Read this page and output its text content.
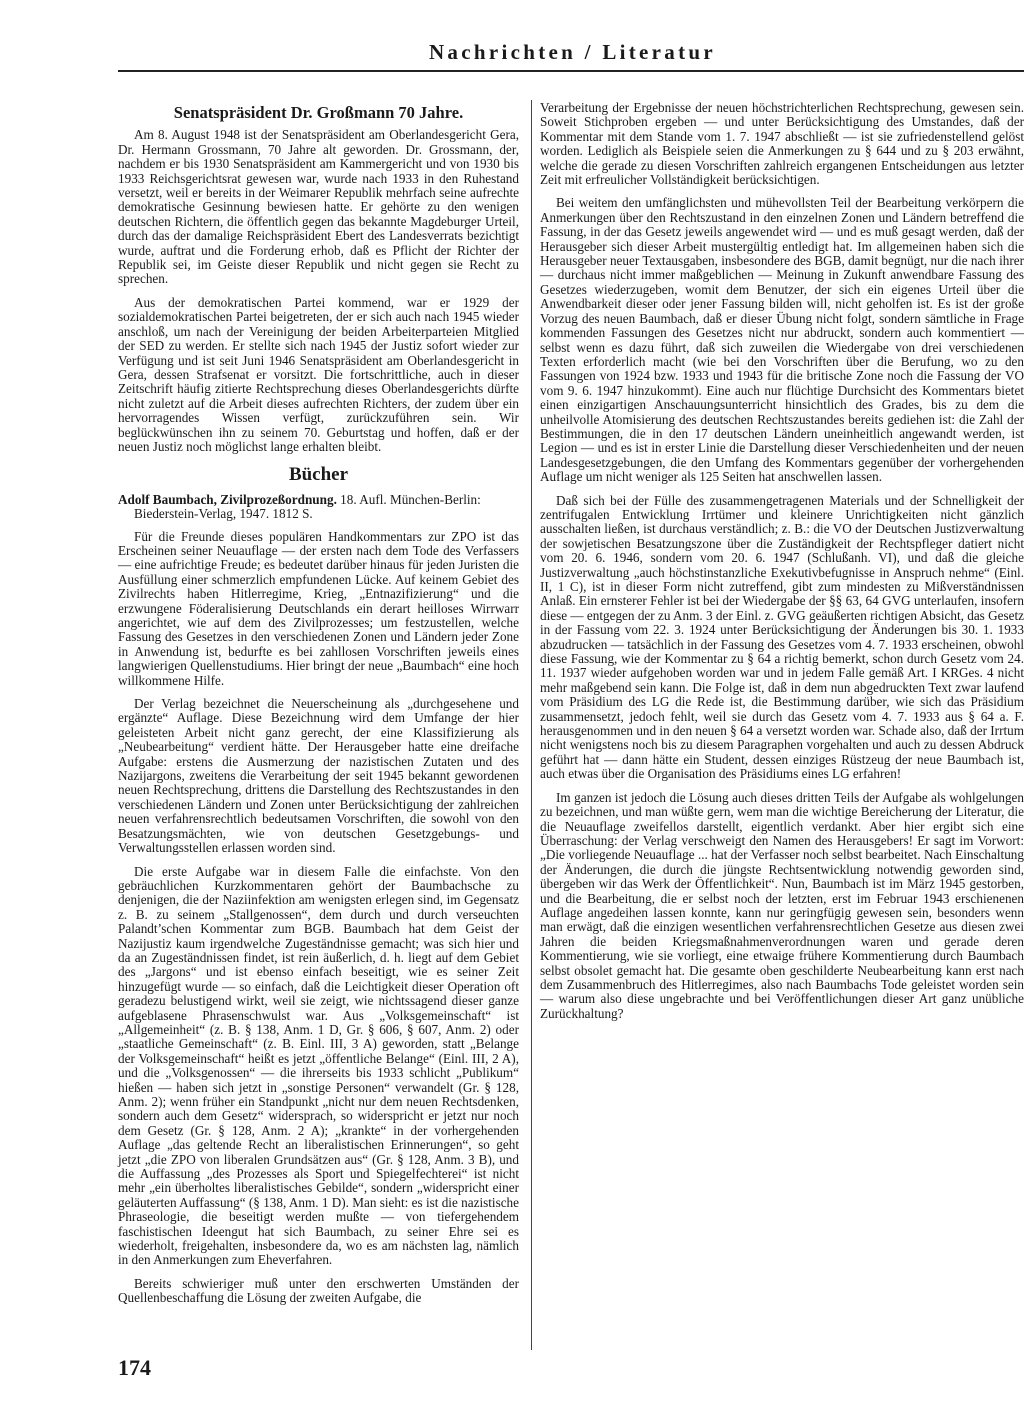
Nachrichten / Literatur
Senatspräsident Dr. Großmann 70 Jahre.

Am 8. August 1948 ist der Senatspräsident am Oberlandesgericht Gera, Dr. Hermann Grossmann, 70 Jahre alt geworden. Dr. Grossmann, der, nachdem er bis 1930 Senatspräsident am Kammergericht und von 1930 bis 1933 Reichsgerichtsrat gewesen war, wurde nach 1933 in den Ruhestand versetzt, weil er bereits in der Weimarer Republik mehrfach seine aufrechte demokratische Gesinnung bewiesen hatte. Er gehörte zu den wenigen deutschen Richtern, die öffentlich gegen das bekannte Magdeburger Urteil, durch das der damalige Reichspräsident Ebert des Landesverrats bezichtigt wurde, auftrat und die Forderung erhob, daß es Pflicht der Richter der Republik sei, im Geiste dieser Republik und nicht gegen sie Recht zu sprechen.

Aus der demokratischen Partei kommend, war er 1929 der sozialdemokratischen Partei beigetreten, der er sich auch nach 1945 wieder anschloß, um nach der Vereinigung der beiden Arbeiterparteien Mitglied der SED zu werden. Er stellte sich nach 1945 der Justiz sofort wieder zur Verfügung und ist seit Juni 1946 Senatspräsident am Oberlandesgericht in Gera, dessen Strafsenat er vorsitzt. Die fortschrittliche, auch in dieser Zeitschrift häufig zitierte Rechtsprechung dieses Oberlandesgerichts dürfte nicht zuletzt auf die Arbeit dieses aufrechten Richters, der zudem über ein hervorragendes Wissen verfügt, zurückzuführen sein. Wir beglückwünschen ihn zu seinem 70. Geburtstag und hoffen, daß er der neuen Justiz noch möglichst lange erhalten bleibt.

Bücher
Adolf Baumbach, Zivilprozeßordnung. 18. Aufl. München-Berlin: Biederstein-Verlag, 1947. 1812 S.

Für die Freunde dieses populären Handkommentars zur ZPO ist das Erscheinen seiner Neuauflage — der ersten nach dem Tode des Verfassers — eine aufrichtige Freude; es bedeutet darüber hinaus für jeden Juristen die Ausfüllung einer schmerzlich empfundenen Lücke. Auf keinem Gebiet des Zivilrechts haben Hitlerregime, Krieg, „Entnazifizierung“ und die erzwungene Föderalisierung Deutschlands ein derart heilloses Wirrwarr angerichtet, wie auf dem des Zivilprozesses; um festzustellen, welche Fassung des Gesetzes in den verschiedenen Zonen und Ländern jeder Zone in Anwendung ist, bedurfte es bei zahllosen Vorschriften jeweils eines langwierigen Quellenstudiums. Hier bringt der neue „Baumbach“ eine hoch willkommene Hilfe.

Der Verlag bezeichnet die Neuerscheinung als „durchgesehene und ergänzte“ Auflage. Diese Bezeichnung wird dem Umfange der hier geleisteten Arbeit nicht ganz gerecht, der eine Klassifizierung als „Neubearbeitung“ verdient hätte. Der Herausgeber hatte eine dreifache Aufgabe: erstens die Ausmerzung der nazistischen Zutaten und des Nazijargons, zweitens die Verarbeitung der seit 1945 bekannt gewordenen neuen Rechtsprechung, drittens die Darstellung des Rechtszustandes in den verschiedenen Ländern und Zonen unter Berücksichtigung der zahlreichen neuen verfahrensrechtlich bedeutsamen Vorschriften, die sowohl von den Besatzungsmächten, wie von deutschen Gesetzgebungs- und Verwaltungsstellen erlassen worden sind.

Die erste Aufgabe war in diesem Falle die einfachste. Von den gebräuchlichen Kurzkommentaren gehört der Baumbachsche zu denjenigen, die der Naziinfektion am wenigsten erlegen sind, im Gegensatz z. B. zu seinem „Stallgenossen“, dem durch und durch verseuchten Palandt’schen Kommentar zum BGB. Baumbach hat dem Geist der Nazijustiz kaum irgendwelche Zugeständnisse gemacht; was sich hier und da an Zugeständnissen findet, ist rein äußerlich, d. h. liegt auf dem Gebiet des „Jargons“ und ist ebenso einfach beseitigt, wie es seiner Zeit hinzugefügt wurde — so einfach, daß die Leichtigkeit dieser Operation oft geradezu belustigend wirkt, weil sie zeigt, wie nichtssagend dieser ganze aufgeblasene Phrasenschwulst war. Aus „Volksgemeinschaft“ ist „Allgemeinheit“ (z. B. § 138, Anm. 1 D, Gr. § 606, § 607, Anm. 2) oder „staatliche Gemeinschaft“ (z. B. Einl. III, 3 A) geworden, statt „Belange der Volksgemeinschaft“ heißt es jetzt „öffentliche Belange“ (Einl. III, 2 A), und die „Volksgenossen“ — die ihrerseits bis 1933 schlicht „Publikum“ hießen — haben sich jetzt in „sonstige Personen“ verwandelt (Gr. § 128, Anm. 2); wenn früher ein Standpunkt „nicht nur dem neuen Rechtsdenken, sondern auch dem Gesetz“ widersprach, so widerspricht er jetzt nur noch dem Gesetz (Gr. § 128, Anm. 2 A); „krankte“ in der vorhergehenden Auflage „das geltende Recht an liberalistischen Erinnerungen“, so geht jetzt „die ZPO von liberalen Grundsätzen aus“ (Gr. § 128, Anm. 3 B), und die Auffassung „des Prozesses als Sport und Spiegelfechterei“ ist nicht mehr „ein überholtes liberalistisches Gebilde“, sondern „widerspricht einer geläuterten Auffassung“ (§ 138, Anm. 1 D). Man sieht: es ist die nazistische Phraseologie, die beseitigt werden mußte — von tiefergehendem faschistischen Ideengut hat sich Baumbach, zu seiner Ehre sei es wiederholt, freigehalten, insbesondere da, wo es am nächsten lag, nämlich in den Anmerkungen zum Eheverfahren.

Bereits schwieriger muß unter den erschwerten Umständen der Quellenbeschaffung die Lösung der zweiten Aufgabe, die

Verarbeitung der Ergebnisse der neuen höchstrichterlichen Rechtsprechung, gewesen sein. Soweit Stichproben ergeben — und unter Berücksichtigung des Umstandes, daß der Kommentar mit dem Stande vom 1. 7. 1947 abschließt — ist sie zufriedenstellend gelöst worden. Lediglich als Beispiele seien die Anmerkungen zu § 644 und zu § 203 erwähnt, welche die gerade zu diesen Vorschriften zahlreich ergangenen Entscheidungen aus letzter Zeit mit erfreulicher Vollständigkeit berücksichtigen.

Bei weitem den umfänglichsten und mühevollsten Teil der Bearbeitung verkörpern die Anmerkungen über den Rechtszustand in den einzelnen Zonen und Ländern betreffend die Fassung, in der das Gesetz jeweils angewendet wird — und es muß gesagt werden, daß der Herausgeber sich dieser Arbeit mustergültig entledigt hat. Im allgemeinen haben sich die Herausgeber neuer Textausgaben, insbesondere des BGB, damit begnügt, nur die nach ihrer — durchaus nicht immer maßgeblichen — Meinung in Zukunft anwendbare Fassung des Gesetzes wiederzugeben, womit dem Benutzer, der sich ein eigenes Urteil über die Anwendbarkeit dieser oder jener Fassung bilden will, nicht geholfen ist. Es ist der große Vorzug des neuen Baumbach, daß er dieser Übung nicht folgt, sondern sämtliche in Frage kommenden Fassungen des Gesetzes nicht nur abdruckt, sondern auch kommentiert — selbst wenn es dazu führt, daß sich zuweilen die Wiedergabe von drei verschiedenen Texten erforderlich macht (wie bei den Vorschriften über die Berufung, wo zu den Fassungen von 1924 bzw. 1933 und 1943 für die britische Zone noch die Fassung der VO vom 9. 6. 1947 hinzukommt). Eine auch nur flüchtige Durchsicht des Kommentars bietet einen einzigartigen Anschauungsunterricht hinsichtlich des Grades, bis zu dem die unheilvolle Atomisierung des deutschen Rechtszustandes bereits gediehen ist: die Zahl der Bestimmungen, die in den 17 deutschen Ländern uneinheitlich angewandt werden, ist Legion — und es ist in erster Linie die Darstellung dieser Verschiedenheiten und der neuen Landesgesetzgebungen, die den Umfang des Kommentars gegenüber der vorhergehenden Auflage um nicht weniger als 125 Seiten hat anschwellen lassen.

Daß sich bei der Fülle des zusammengetragenen Materials und der Schnelligkeit der zentrifugalen Entwicklung Irrtümer und kleinere Unrichtigkeiten nicht gänzlich ausschalten ließen, ist durchaus verständlich; z. B.: die VO der Deutschen Justizverwaltung der sowjetischen Besatzungszone über die Zuständigkeit der Rechtspfleger datiert nicht vom 20. 6. 1946, sondern vom 20. 6. 1947 (Schlußanh. VI), und daß die gleiche Justizverwaltung „auch höchstinstanzliche Exekutivbefugnisse in Anspruch nehme“ (Einl. II, 1 C), ist in dieser Form nicht zutreffend, gibt zum mindesten zu Mißverständnissen Anlaß. Ein ernsterer Fehler ist bei der Wiedergabe der §§ 63, 64 GVG unterlaufen, insofern diese — entgegen der zu Anm. 3 der Einl. z. GVG geäußerten richtigen Absicht, das Gesetz in der Fassung vom 22. 3. 1924 unter Berücksichtigung der Änderungen bis 30. 1. 1933 abzudrucken — tatsächlich in der Fassung des Gesetzes vom 4. 7. 1933 erscheinen, obwohl diese Fassung, wie der Kommentar zu § 64 a richtig bemerkt, schon durch Gesetz vom 24. 11. 1937 wieder aufgehoben worden war und in jedem Falle gemäß Art. I KRGes. 4 nicht mehr maßgebend sein kann. Die Folge ist, daß in dem nun abgedruckten Text zwar laufend vom Präsidium des LG die Rede ist, die Bestimmung darüber, wie sich das Präsidium zusammensetzt, jedoch fehlt, weil sie durch das Gesetz vom 4. 7. 1933 aus § 64 a. F. herausgenommen und in den neuen § 64 a versetzt worden war. Schade also, daß der Irrtum nicht wenigstens noch bis zu diesem Paragraphen vorgehalten und auch zu dessen Abdruck geführt hat — dann hätte ein Student, dessen einziges Rüstzeug der neue Baumbach ist, auch etwas über die Organisation des Präsidiums eines LG erfahren!

Im ganzen ist jedoch die Lösung auch dieses dritten Teils der Aufgabe als wohlgelungen zu bezeichnen, und man wüßte gern, wem man die wichtige Bereicherung der Literatur, die die Neuauflage zweifellos darstellt, eigentlich verdankt. Aber hier ergibt sich eine Überraschung: der Verlag verschweigt den Namen des Herausgebers! Er sagt im Vorwort: „Die vorliegende Neuauflage ... hat der Verfasser noch selbst bearbeitet. Nach Einschaltung der Änderungen, die durch die jüngste Rechtsentwicklung notwendig geworden sind, übergeben wir das Werk der Öffentlichkeit“. Nun, Baumbach ist im März 1945 gestorben, und die Bearbeitung, die er selbst noch der letzten, erst im Februar 1943 erschienenen Auflage angedeihen lassen konnte, kann nur geringfügig gewesen sein, besonders wenn man erwägt, daß die einzigen wesentlichen verfahrensrechtlichen Gesetze aus diesen zwei Jahren die beiden Kriegsmaßnahmenverordnungen waren und gerade deren Kommentierung, wie sie vorliegt, eine etwaige frühere Kommentierung durch Baumbach selbst obsolet gemacht hat. Die gesamte oben geschilderte Neubearbeitung kann erst nach dem Zusammenbruch des Hitlerregimes, also nach Baumbachs Tode geleistet worden sein — warum also diese ungebrachte und bei Veröffentlichungen dieser Art ganz unübliche Zurückhaltung?

174
